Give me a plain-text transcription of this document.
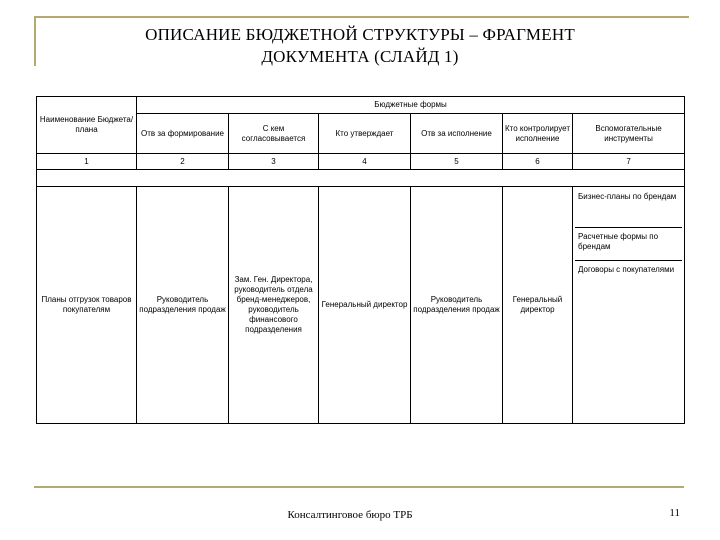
ОПИСАНИЕ БЮДЖЕТНОЙ СТРУКТУРЫ – ФРАГМЕНТ
ДОКУМЕНТА (СЛАЙД 1)
Наименование Бюджета/плана	Бюджетные формы					
	Отв за формирование	С кем согласовывается	Кто утверждает	Отв за исполнение	Кто контролирует исполнение	Вспомогательные инструменты
1	2	3	4	5	6	7

Планы отгрузок товаров покупателям	Руководитель подразделения продаж	Зам. Ген. Директора, руководитель отдела бренд-менеджеров, руководитель финансового подразделения	Генеральный директор	Руководитель подразделения продаж	Генеральный директор	Бизнес-планы по брендам
Расчетные формы по брендам
Договоры с покупателями
Консалтинговое бюро ТРБ	11
